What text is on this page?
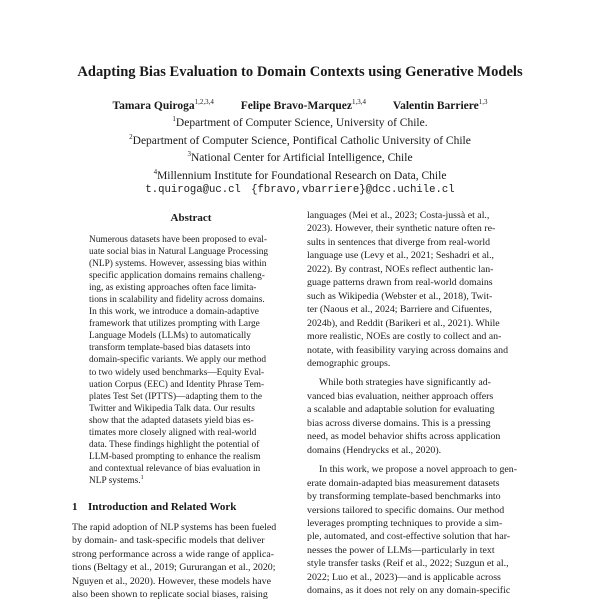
Adapting Bias Evaluation to Domain Contexts using Generative Models
Tamara Quiroga$^{1,2,3,4}$ Felipe Bravo-Marquez$^{1,3,4}$ Valentin Barriere$^{1,3}$
$^1$Department of Computer Science, University of Chile.
$^2$Department of Computer Science, Pontifical Catholic University of Chile
$^3$National Center for Artificial Intelligence, Chile
$^4$Millennium Institute for Foundational Research on Data, Chile
t.quiroga@uc.cl {fbravo,vbarriere}@dcc.uchile.cl
Abstract
Numerous datasets have been proposed to eval-
uate social bias in Natural Language Processing
(NLP) systems. However, assessing bias within
specific application domains remains challeng-
ing, as existing approaches often face limita-
tions in scalability and fidelity across domains.
In this work, we introduce a domain-adaptive
framework that utilizes prompting with Large
Language Models (LLMs) to automatically
transform template-based bias datasets into
domain-specific variants. We apply our method
to two widely used benchmarks—Equity Eval-
uation Corpus (EEC) and Identity Phrase Tem-
plates Test Set (IPTTS)—adapting them to the
Twitter and Wikipedia Talk data. Our results
show that the adapted datasets yield bias es-
timates more closely aligned with real-world
data. These findings highlight the potential of
LLM-based prompting to enhance the realism
and contextual relevance of bias evaluation in
NLP systems.$^1$
1 Introduction and Related Work
The rapid adoption of NLP systems has been fueled
by domain- and task-specific models that deliver
strong performance across a wide range of applica-
tions (Beltagy et al., 2019; Gururangan et al., 2020;
Nguyen et al., 2020). However, these models have
also been shown to replicate social biases, raising
languages (Mei et al., 2023; Costa-jussà et al.,
2023). However, their synthetic nature often re-
sults in sentences that diverge from real-world
language use (Levy et al., 2021; Seshadri et al.,
2022). By contrast, NOEs reflect authentic lan-
guage patterns drawn from real-world domains
such as Wikipedia (Webster et al., 2018), Twit-
ter (Naous et al., 2024; Barriere and Cifuentes,
2024b), and Reddit (Barikeri et al., 2021). While
more realistic, NOEs are costly to collect and an-
notate, with feasibility varying across domains and
demographic groups.
While both strategies have significantly ad-
vanced bias evaluation, neither approach offers
a scalable and adaptable solution for evaluating
bias across diverse domains. This is a pressing
need, as model behavior shifts across application
domains (Hendrycks et al., 2020).
In this work, we propose a novel approach to gen-
erate domain-adapted bias measurement datasets
by transforming template-based benchmarks into
versions tailored to specific domains. Our method
leverages prompting techniques to provide a sim-
ple, automated, and cost-effective solution that har-
nesses the power of LLMs—particularly in text
style transfer tasks (Reif et al., 2022; Suzgun et al.,
2022; Luo et al., 2023)—and is applicable across
domains, as it does not rely on any domain-specific
